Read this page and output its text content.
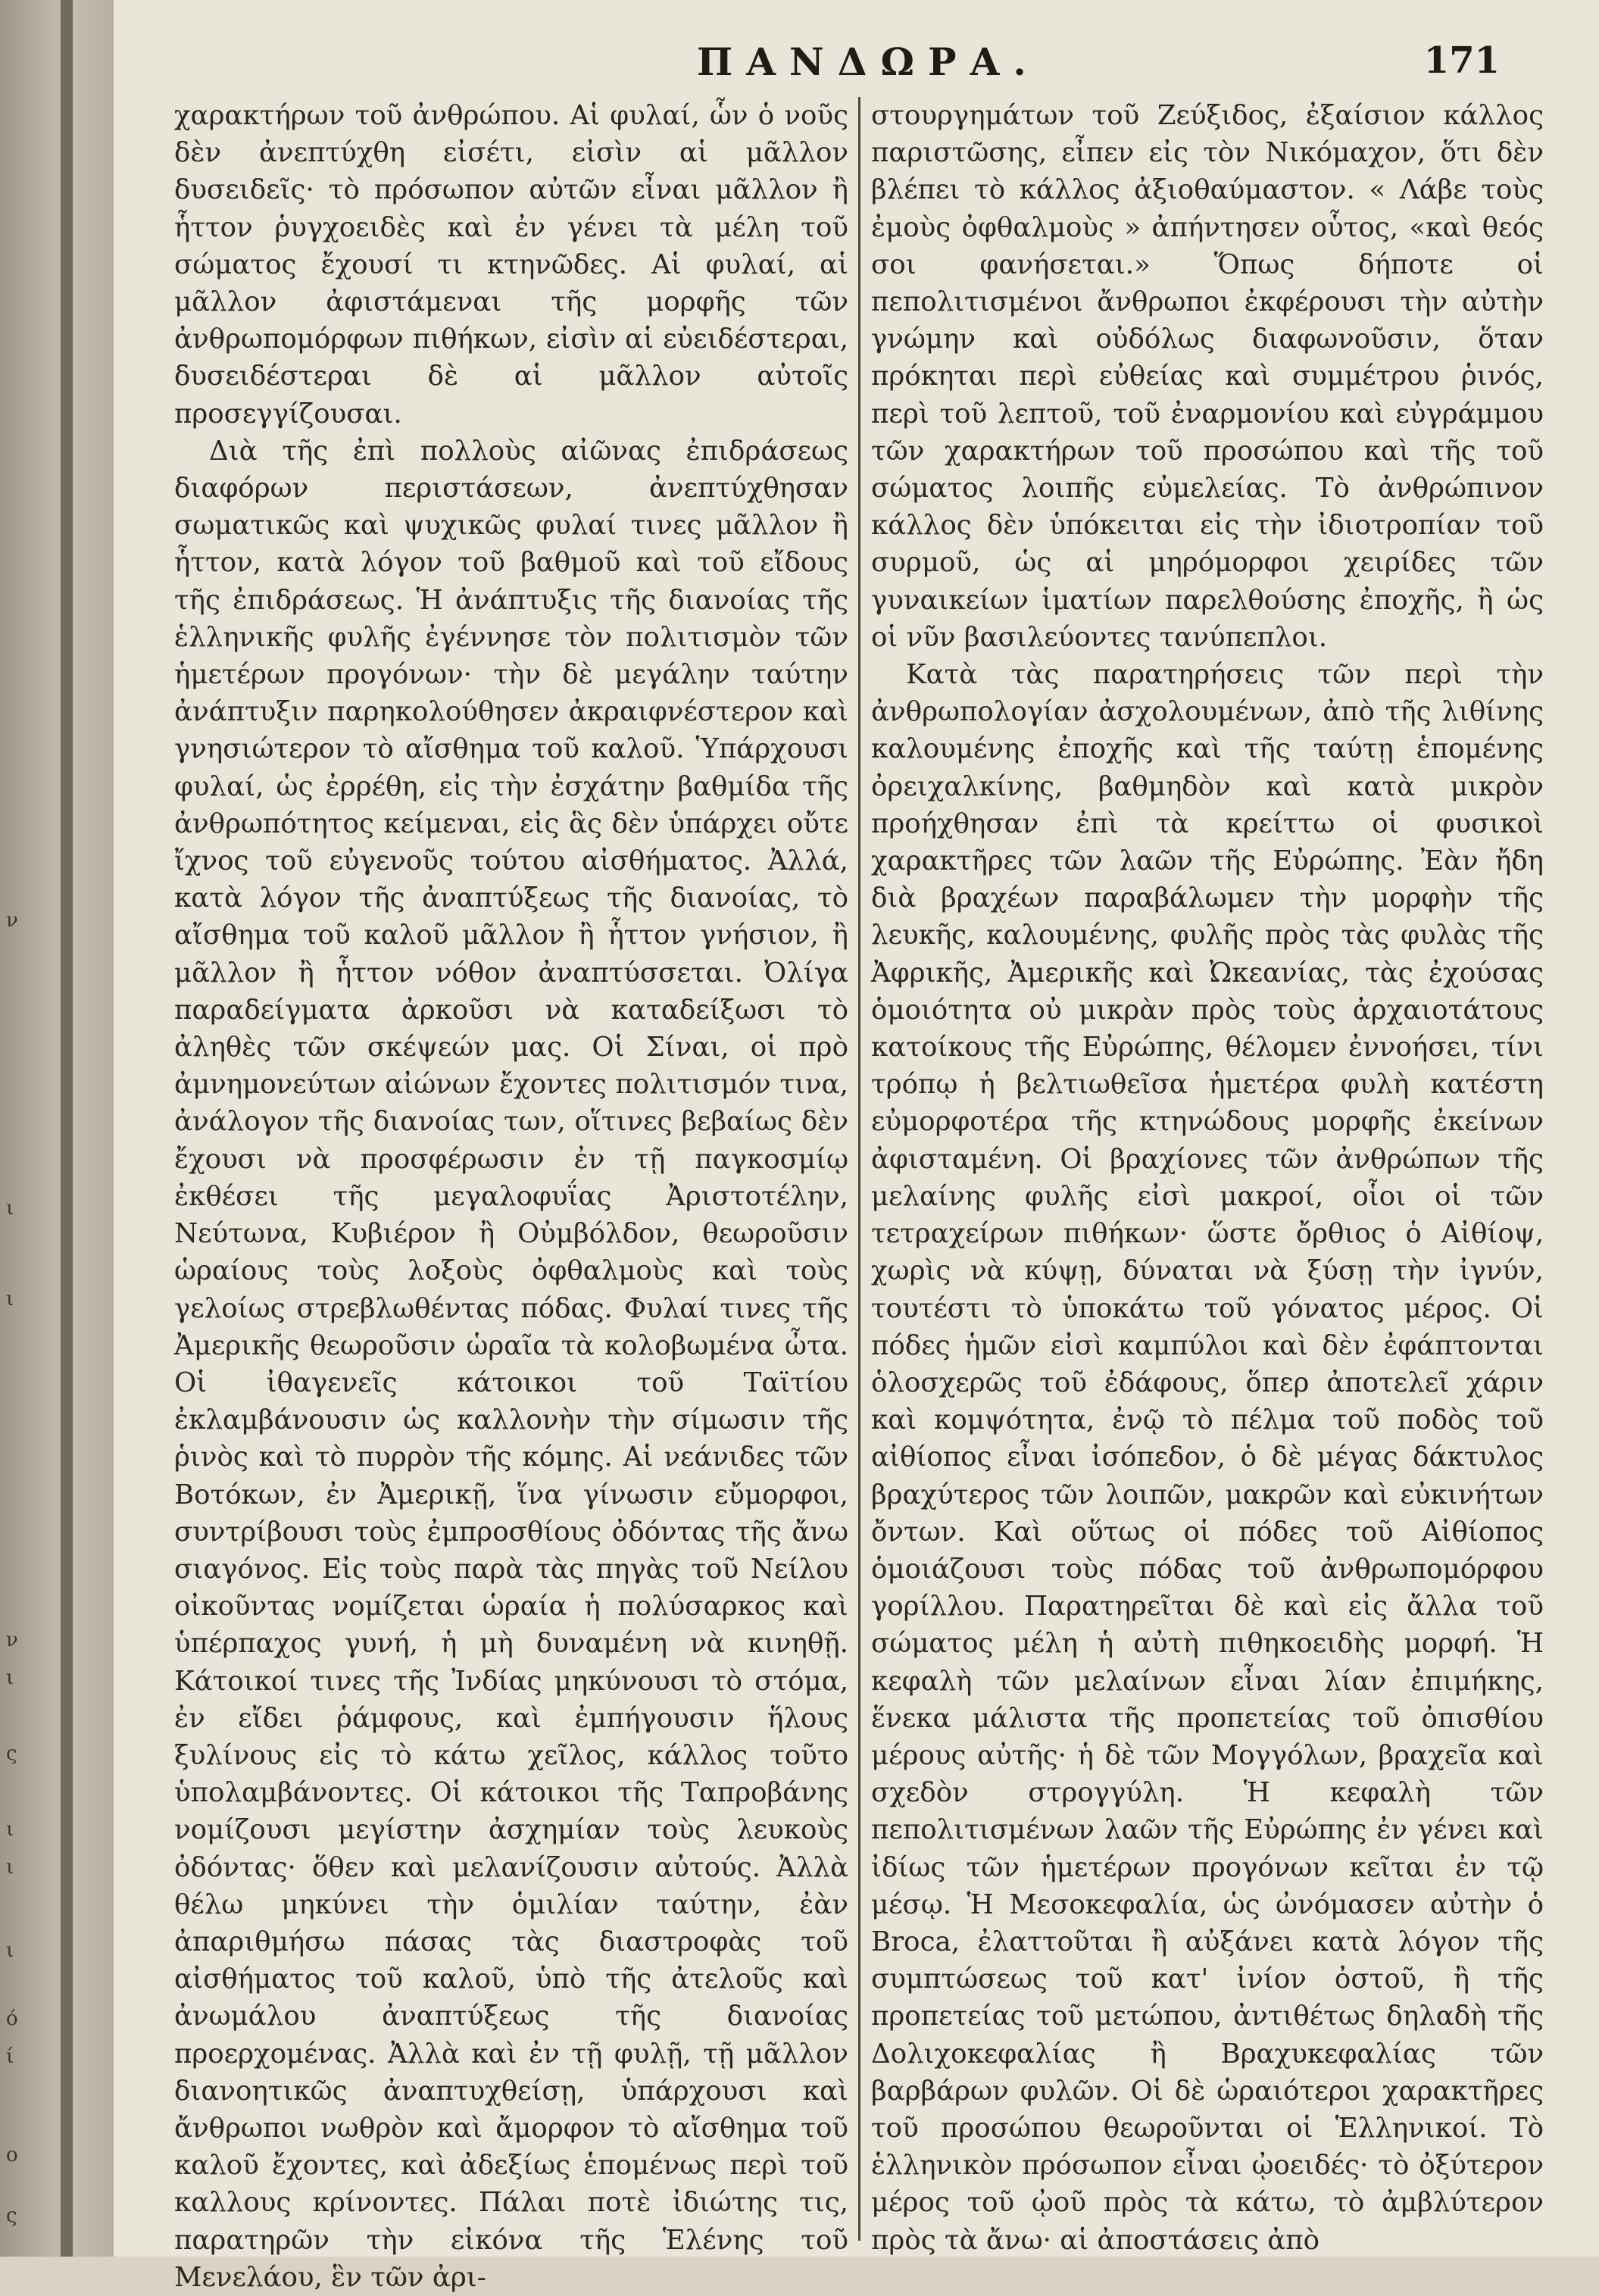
ν
ι
ι
ν
ι
ς
ι
ι
ι
ό
ί
ο
ς
ΠΑΝΔΩΡΑ.	171

χαρακτήρων τοῦ ἀνθρώπου. Αἱ φυλαί, ὧν ὁ νοῦς δὲν ἀνεπτύχθη εἰσέτι, εἰσὶν αἱ μᾶλλον δυσειδεῖς· τὸ πρόσωπον αὐτῶν εἶναι μᾶλλον ἢ ἧττον ῥυγχοειδὲς καὶ ἐν γένει τὰ μέλη τοῦ σώματος ἔχουσί τι κτηνῶδες. Αἱ φυλαί, αἱ μᾶλλον ἀφιστάμεναι τῆς μορφῆς τῶν ἀνθρωπομόρφων πιθήκων, εἰσὶν αἱ εὐειδέστεραι, δυσειδέστεραι δὲ αἱ μᾶλλον αὐτοῖς προσεγγίζουσαι.

Διὰ τῆς ἐπὶ πολλοὺς αἰῶνας ἐπιδράσεως διαφόρων περιστάσεων, ἀνεπτύχθησαν σωματικῶς καὶ ψυχικῶς φυλαί τινες μᾶλλον ἢ ἧττον, κατὰ λόγον τοῦ βαθμοῦ καὶ τοῦ εἴδους τῆς ἐπιδράσεως. Ἡ ἀνάπτυξις τῆς διανοίας τῆς ἑλληνικῆς φυλῆς ἐγέννησε τὸν πολιτισμὸν τῶν ἡμετέρων προγόνων· τὴν δὲ μεγάλην ταύτην ἀνάπτυξιν παρηκολούθησεν ἀκραιφνέστερον καὶ γνησιώτερον τὸ αἴσθημα τοῦ καλοῦ. Ὑπάρχουσι φυλαί, ὡς ἐρρέθη, εἰς τὴν ἐσχάτην βαθμίδα τῆς ἀνθρωπότητος κείμεναι, εἰς ἃς δὲν ὑπάρχει οὔτε ἴχνος τοῦ εὐγενοῦς τούτου αἰσθήματος. Ἀλλά, κατὰ λόγον τῆς ἀναπτύξεως τῆς διανοίας, τὸ αἴσθημα τοῦ καλοῦ μᾶλλον ἢ ἧττον γνήσιον, ἢ μᾶλλον ἢ ἧττον νόθον ἀναπτύσσεται. Ὀλίγα παραδείγματα ἀρκοῦσι νὰ καταδείξωσι τὸ ἀληθὲς τῶν σκέψεών μας. Οἱ Σίναι, οἱ πρὸ ἀμνημονεύτων αἰώνων ἔχοντες πολιτισμόν τινα, ἀνάλογον τῆς διανοίας των, οἵτινες βεβαίως δὲν ἔχουσι νὰ προσφέρωσιν ἐν τῇ παγκοσμίῳ ἐκθέσει τῆς μεγαλοφυΐας Ἀριστοτέλην, Νεύτωνα, Κυβιέρον ἢ Οὐμβόλδον, θεωροῦσιν ὡραίους τοὺς λοξοὺς ὀφθαλμοὺς καὶ τοὺς γελοίως στρεβλωθέντας πόδας. Φυλαί τινες τῆς Ἀμερικῆς θεωροῦσιν ὡραῖα τὰ κολοβωμένα ὦτα. Οἱ ἰθαγενεῖς κάτοικοι τοῦ Ταϊτίου ἐκλαμβάνουσιν ὡς καλλονὴν τὴν σίμωσιν τῆς ῥινὸς καὶ τὸ πυρρὸν τῆς κόμης. Αἱ νεάνιδες τῶν Βοτόκων, ἐν Ἀμερικῇ, ἵνα γίνωσιν εὔμορφοι, συντρίβουσι τοὺς ἐμπροσθίους ὀδόντας τῆς ἄνω σιαγόνος. Εἰς τοὺς παρὰ τὰς πηγὰς τοῦ Νείλου οἰκοῦντας νομίζεται ὡραία ἡ πολύσαρκος καὶ ὑπέρπαχος γυνή, ἡ μὴ δυναμένη νὰ κινηθῇ. Κάτοικοί τινες τῆς Ἰνδίας μηκύνουσι τὸ στόμα, ἐν εἴδει ῥάμφους, καὶ ἐμπήγουσιν ἥλους ξυλίνους εἰς τὸ κάτω χεῖλος, κάλλος τοῦτο ὑπολαμβάνοντες. Οἱ κάτοικοι τῆς Ταπροβάνης νομίζουσι μεγίστην ἀσχημίαν τοὺς λευκοὺς ὀδόντας· ὅθεν καὶ μελανίζουσιν αὐτούς. Ἀλλὰ θέλω μηκύνει τὴν ὁμιλίαν ταύτην, ἐὰν ἀπαριθμήσω πάσας τὰς διαστροφὰς τοῦ αἰσθήματος τοῦ καλοῦ, ὑπὸ τῆς ἀτελοῦς καὶ ἀνωμάλου ἀναπτύξεως τῆς διανοίας προερχομένας. Ἀλλὰ καὶ ἐν τῇ φυλῇ, τῇ μᾶλλον διανοητικῶς ἀναπτυχθείσῃ, ὑπάρχουσι καὶ ἄνθρωποι νωθρὸν καὶ ἄμορφον τὸ αἴσθημα τοῦ καλοῦ ἔχοντες, καὶ ἀδεξίως ἑπομένως περὶ τοῦ καλλους κρίνοντες. Πάλαι ποτὲ ἰδιώτης τις, παρατηρῶν τὴν εἰκόνα τῆς Ἑλένης τοῦ Μενελάου, ἓν τῶν ἀρι-

στουργημάτων τοῦ Ζεύξιδος, ἐξαίσιον κάλλος παριστῶσης, εἶπεν εἰς τὸν Νικόμαχον, ὅτι δὲν βλέπει τὸ κάλλος ἀξιοθαύμαστον. « Λάβε τοὺς ἐμοὺς ὀφθαλμοὺς » ἀπήντησεν οὗτος, «καὶ θεός σοι φανήσεται.» Ὅπως δήποτε οἱ πεπολιτισμένοι ἄνθρωποι ἐκφέρουσι τὴν αὐτὴν γνώμην καὶ οὐδόλως διαφωνοῦσιν, ὅταν πρόκηται περὶ εὐθείας καὶ συμμέτρου ῥινός, περὶ τοῦ λεπτοῦ, τοῦ ἐναρμονίου καὶ εὐγράμμου τῶν χαρακτήρων τοῦ προσώπου καὶ τῆς τοῦ σώματος λοιπῆς εὐμελείας. Τὸ ἀνθρώπινον κάλλος δὲν ὑπόκειται εἰς τὴν ἰδιοτροπίαν τοῦ συρμοῦ, ὡς αἱ μηρόμορφοι χειρίδες τῶν γυναικείων ἱματίων παρελθούσης ἐποχῆς, ἢ ὡς οἱ νῦν βασιλεύοντες τανύπεπλοι.

Κατὰ τὰς παρατηρήσεις τῶν περὶ τὴν ἀνθρωπολογίαν ἀσχολουμένων, ἀπὸ τῆς λιθίνης καλουμένης ἐποχῆς καὶ τῆς ταύτῃ ἑπομένης ὀρειχαλκίνης, βαθμηδὸν καὶ κατὰ μικρὸν προήχθησαν ἐπὶ τὰ κρείττω οἱ φυσικοὶ χαρακτῆρες τῶν λαῶν τῆς Εὐρώπης. Ἐὰν ἤδη διὰ βραχέων παραβάλωμεν τὴν μορφὴν τῆς λευκῆς, καλουμένης, φυλῆς πρὸς τὰς φυλὰς τῆς Ἀφρικῆς, Ἀμερικῆς καὶ Ὠκεανίας, τὰς ἐχούσας ὁμοιότητα οὐ μικρὰν πρὸς τοὺς ἀρχαιοτάτους κατοίκους τῆς Εὐρώπης, θέλομεν ἐννοήσει, τίνι τρόπῳ ἡ βελτιωθεῖσα ἡμετέρα φυλὴ κατέστη εὐμορφοτέρα τῆς κτηνώδους μορφῆς ἐκείνων ἀφισταμένη. Οἱ βραχίονες τῶν ἀνθρώπων τῆς μελαίνης φυλῆς εἰσὶ μακροί, οἷοι οἱ τῶν τετραχείρων πιθήκων· ὥστε ὄρθιος ὁ Αἰθίοψ, χωρὶς νὰ κύψῃ, δύναται νὰ ξύσῃ τὴν ἰγνύν, τουτέστι τὸ ὑποκάτω τοῦ γόνατος μέρος. Οἱ πόδες ἡμῶν εἰσὶ καμπύλοι καὶ δὲν ἐφάπτονται ὁλοσχερῶς τοῦ ἐδάφους, ὅπερ ἀποτελεῖ χάριν καὶ κομψότητα, ἐνῷ τὸ πέλμα τοῦ ποδὸς τοῦ αἰθίοπος εἶναι ἰσόπεδον, ὁ δὲ μέγας δάκτυλος βραχύτερος τῶν λοιπῶν, μακρῶν καὶ εὐκινήτων ὄντων. Καὶ οὕτως οἱ πόδες τοῦ Αἰθίοπος ὁμοιάζουσι τοὺς πόδας τοῦ ἀνθρωπομόρφου γορίλλου. Παρατηρεῖται δὲ καὶ εἰς ἄλλα τοῦ σώματος μέλη ἡ αὐτὴ πιθηκοειδὴς μορφή. Ἡ κεφαλὴ τῶν μελαίνων εἶναι λίαν ἐπιμήκης, ἕνεκα μάλιστα τῆς προπετείας τοῦ ὀπισθίου μέρους αὐτῆς· ἡ δὲ τῶν Μογγόλων, βραχεῖα καὶ σχεδὸν στρογγύλη. Ἡ κεφαλὴ τῶν πεπολιτισμένων λαῶν τῆς Εὐρώπης ἐν γένει καὶ ἰδίως τῶν ἡμετέρων προγόνων κεῖται ἐν τῷ μέσῳ. Ἡ Μεσοκεφαλία, ὡς ὠνόμασεν αὐτὴν ὁ Broca, ἐλαττοῦται ἢ αὐξάνει κατὰ λόγον τῆς συμπτώσεως τοῦ κατ' ἰνίον ὀστοῦ, ἢ τῆς προπετείας τοῦ μετώπου, ἀντιθέτως δηλαδὴ τῆς Δολιχοκεφαλίας ἢ Βραχυκεφαλίας τῶν βαρβάρων φυλῶν. Οἱ δὲ ὡραιότεροι χαρακτῆρες τοῦ προσώπου θεωροῦνται οἱ Ἑλληνικοί. Τὸ ἑλληνικὸν πρόσωπον εἶναι ᾠοειδές· τὸ ὀξύτερον μέρος τοῦ ᾠοῦ πρὸς τὰ κάτω, τὸ ἀμβλύτερον πρὸς τὰ ἄνω· αἱ ἀποστάσεις ἀπὸ
